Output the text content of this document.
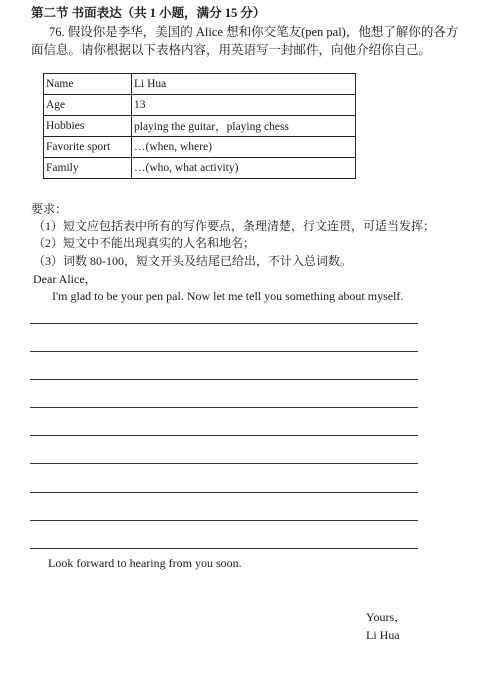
第二节 书面表达（共 1 小题，满分 15 分）
76. 假设你是李华，美国的 Alice 想和你交笔友(pen pal)，他想了解你的各方
面信息。请你根据以下表格内容，用英语写一封邮件，向他介绍你自己。
Name	Li Hua
Age	13
Hobbies	playing the guitar，playing chess
Favorite sport	…(when, where)
Family	…(who, what activity)
要求：
（1）短文应包括表中所有的写作要点，条理清楚，行文连贯，可适当发挥；
（2）短文中不能出现真实的人名和地名；
（3）词数 80-100，短文开头及结尾已给出，不计入总词数。
Dear Alice，
I'm glad to be your pen pal. Now let me tell you something about myself.
Look forward to hearing from you soon.
Yours，
Li Hua
